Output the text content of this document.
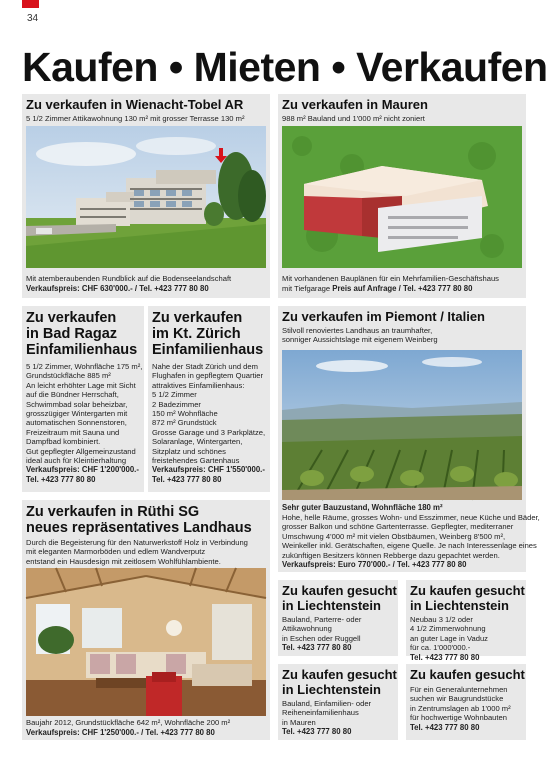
34
Kaufen • Mieten • Verkaufen
Zu verkaufen in Wienacht-Tobel AR

5 1/2 Zimmer Attikawohnung 130 m² mit grosser Terrasse 130 m²

Mit atemberaubenden Rundblick auf die Bodenseelandschaft

Verkaufspreis: CHF 630'000.- / Tel. +423 777 80 80

Zu verkaufen in Mauren

988 m² Bauland und 1'000 m² nicht zoniert

Mit vorhandenen Bauplänen für ein Mehrfamilien-Geschäftshaus

mit Tiefgarage Preis auf Anfrage / Tel. +423 777 80 80

Zu verkaufen
in Bad Ragaz
Einfamilienhaus

5 1/2 Zimmer, Wohnfläche 175 m²,

Grundstückfläche 885 m²

An leicht erhöhter Lage mit Sicht

auf die Bündner Herrschaft,

Schwimmbad solar beheizbar,

grosszügiger Wintergarten mit

automatischen Sonnenstoren,

Freizeitraum mit Sauna und

Dampfbad kombiniert.

Gut gepflegter Allgemeinzustand

ideal auch für Kleintierhaltung

Verkaufspreis: CHF 1'200'000.-

Tel. +423 777 80 80

Zu verkaufen
im Kt. Zürich
Einfamilienhaus

Nahe der Stadt Zürich und dem

Flughafen in gepflegtem Quartier

attraktives Einfamilienhaus:

5 1/2 Zimmer

2 Badezimmer

150 m² Wohnfläche

872 m² Grundstück

Grosse Garage und 3 Parkplätze,

Solaranlage, Wintergarten,

Sitzplatz und schönes

freistehendes Gartenhaus

Verkaufspreis: CHF 1'550'000.-

Tel. +423 777 80 80

Zu verkaufen im Piemont / Italien

Stilvoll renoviertes Landhaus an traumhafter,

sonniger Aussichtslage mit eigenem Weinberg

Sehr guter Bauzustand, Wohnfläche 180 m²

Hohe, helle Räume, grosses Wohn- und Esszimmer, neue Küche und Bäder,

grosser Balkon und schöne Gartenterrasse. Gepflegter, mediterraner

Umschwung 4'000 m² mit vielen Obstbäumen, Weinberg 8'500 m²,

Weinkeller inkl. Gerätschaften, eigene Quelle. Je nach Interessenlage eines

zukünftigen Besitzers können Rebberge dazu gepachtet werden.

Verkaufspreis: Euro 770'000.- / Tel. +423 777 80 80

Zu verkaufen in Rüthi SG
neues repräsentatives Landhaus

Durch die Begeisterung für den Naturwerkstoff Holz in Verbindung

mit eleganten Marmorböden und edlem Wandverputz

entstand ein Hausdesign mit zeitlosem Wohlfühlambiente.

Baujahr 2012, Grundstückfläche 642 m², Wohnfläche 200 m²

Verkaufspreis: CHF 1'250'000.- / Tel. +423 777 80 80

Zu kaufen gesucht
in Liechtenstein

Bauland, Parterre- oder

Attikawohnung

in Eschen oder Ruggell

Tel. +423 777 80 80

Zu kaufen gesucht
in Liechtenstein

Neubau 3 1/2 oder

4 1/2 Zimmerwohnung

an guter Lage in Vaduz

für ca. 1'000'000.-

Tel. +423 777 80 80

Zu kaufen gesucht
in Liechtenstein

Bauland, Einfamilien- oder

Reiheneinfamilienhaus

in Mauren

Tel. +423 777 80 80

Zu kaufen gesucht

Für ein Generalunternehmen

suchen wir Baugrundstücke

in Zentrumslagen ab 1'000 m²

für hochwertige Wohnbauten

Tel. +423 777 80 80
